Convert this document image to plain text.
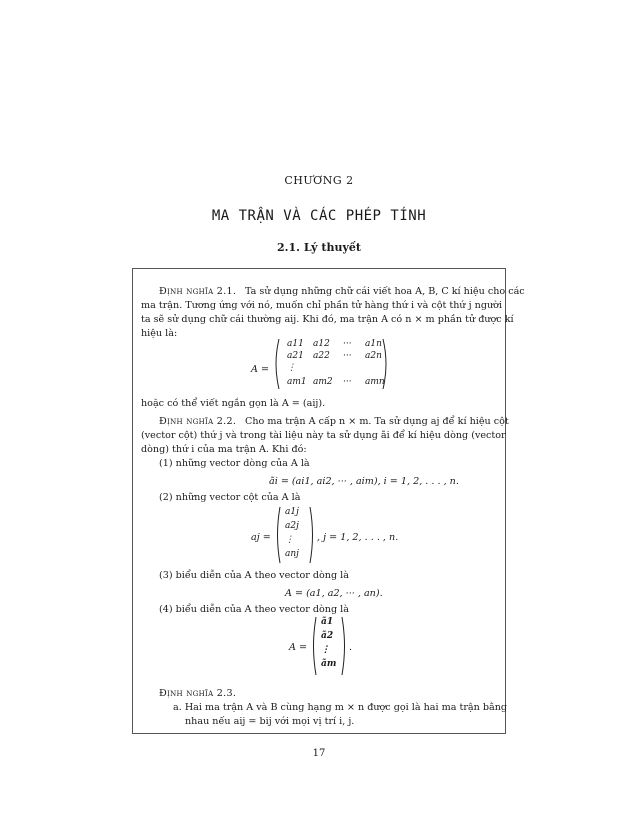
CHƯƠNG 2
MA TRẬN VÀ CÁC PHÉP TÍNH
2.1. Lý thuyết
Định nghĩa 2.1. Ta sử dụng những chữ cái viết hoa A, B, C kí hiệu cho các
ma trận. Tương ứng với nó, muốn chỉ phần tử hàng thứ i và cột thứ j người
ta sẽ sử dụng chữ cái thường aij. Khi đó, ma trận A có n × m phần tử được kí
hiệu là:
A =
a11 a12 ··· a1n
a21 a22 ··· a2n
⋮
am1 am2 ··· amn
hoặc có thể viết ngắn gọn là A = (aij).
Định nghĩa 2.2. Cho ma trận A cấp n × m. Ta sử dụng aj để kí hiệu cột
(vector cột) thứ j và trong tài liệu này ta sử dụng ãi để kí hiệu dòng (vector
dòng) thứ i của ma trận A. Khi đó:
(1) những vector dòng của A là
ãi = (ai1, ai2, ··· , aim), i = 1, 2, . . . , n.
(2) những vector cột của A là
aj =
a1j
a2j
⋮
anj
, j = 1, 2, . . . , n.
(3) biểu diễn của A theo vector dòng là
A = (a1, a2, ··· , an).
(4) biểu diễn của A theo vector dòng là
A =
ã1
ã2
⋮
ãm
.
Định nghĩa 2.3.
a. Hai ma trận A và B cùng hạng m × n được gọi là hai ma trận bằng
nhau nếu aij = bij với mọi vị trí i, j.
17
